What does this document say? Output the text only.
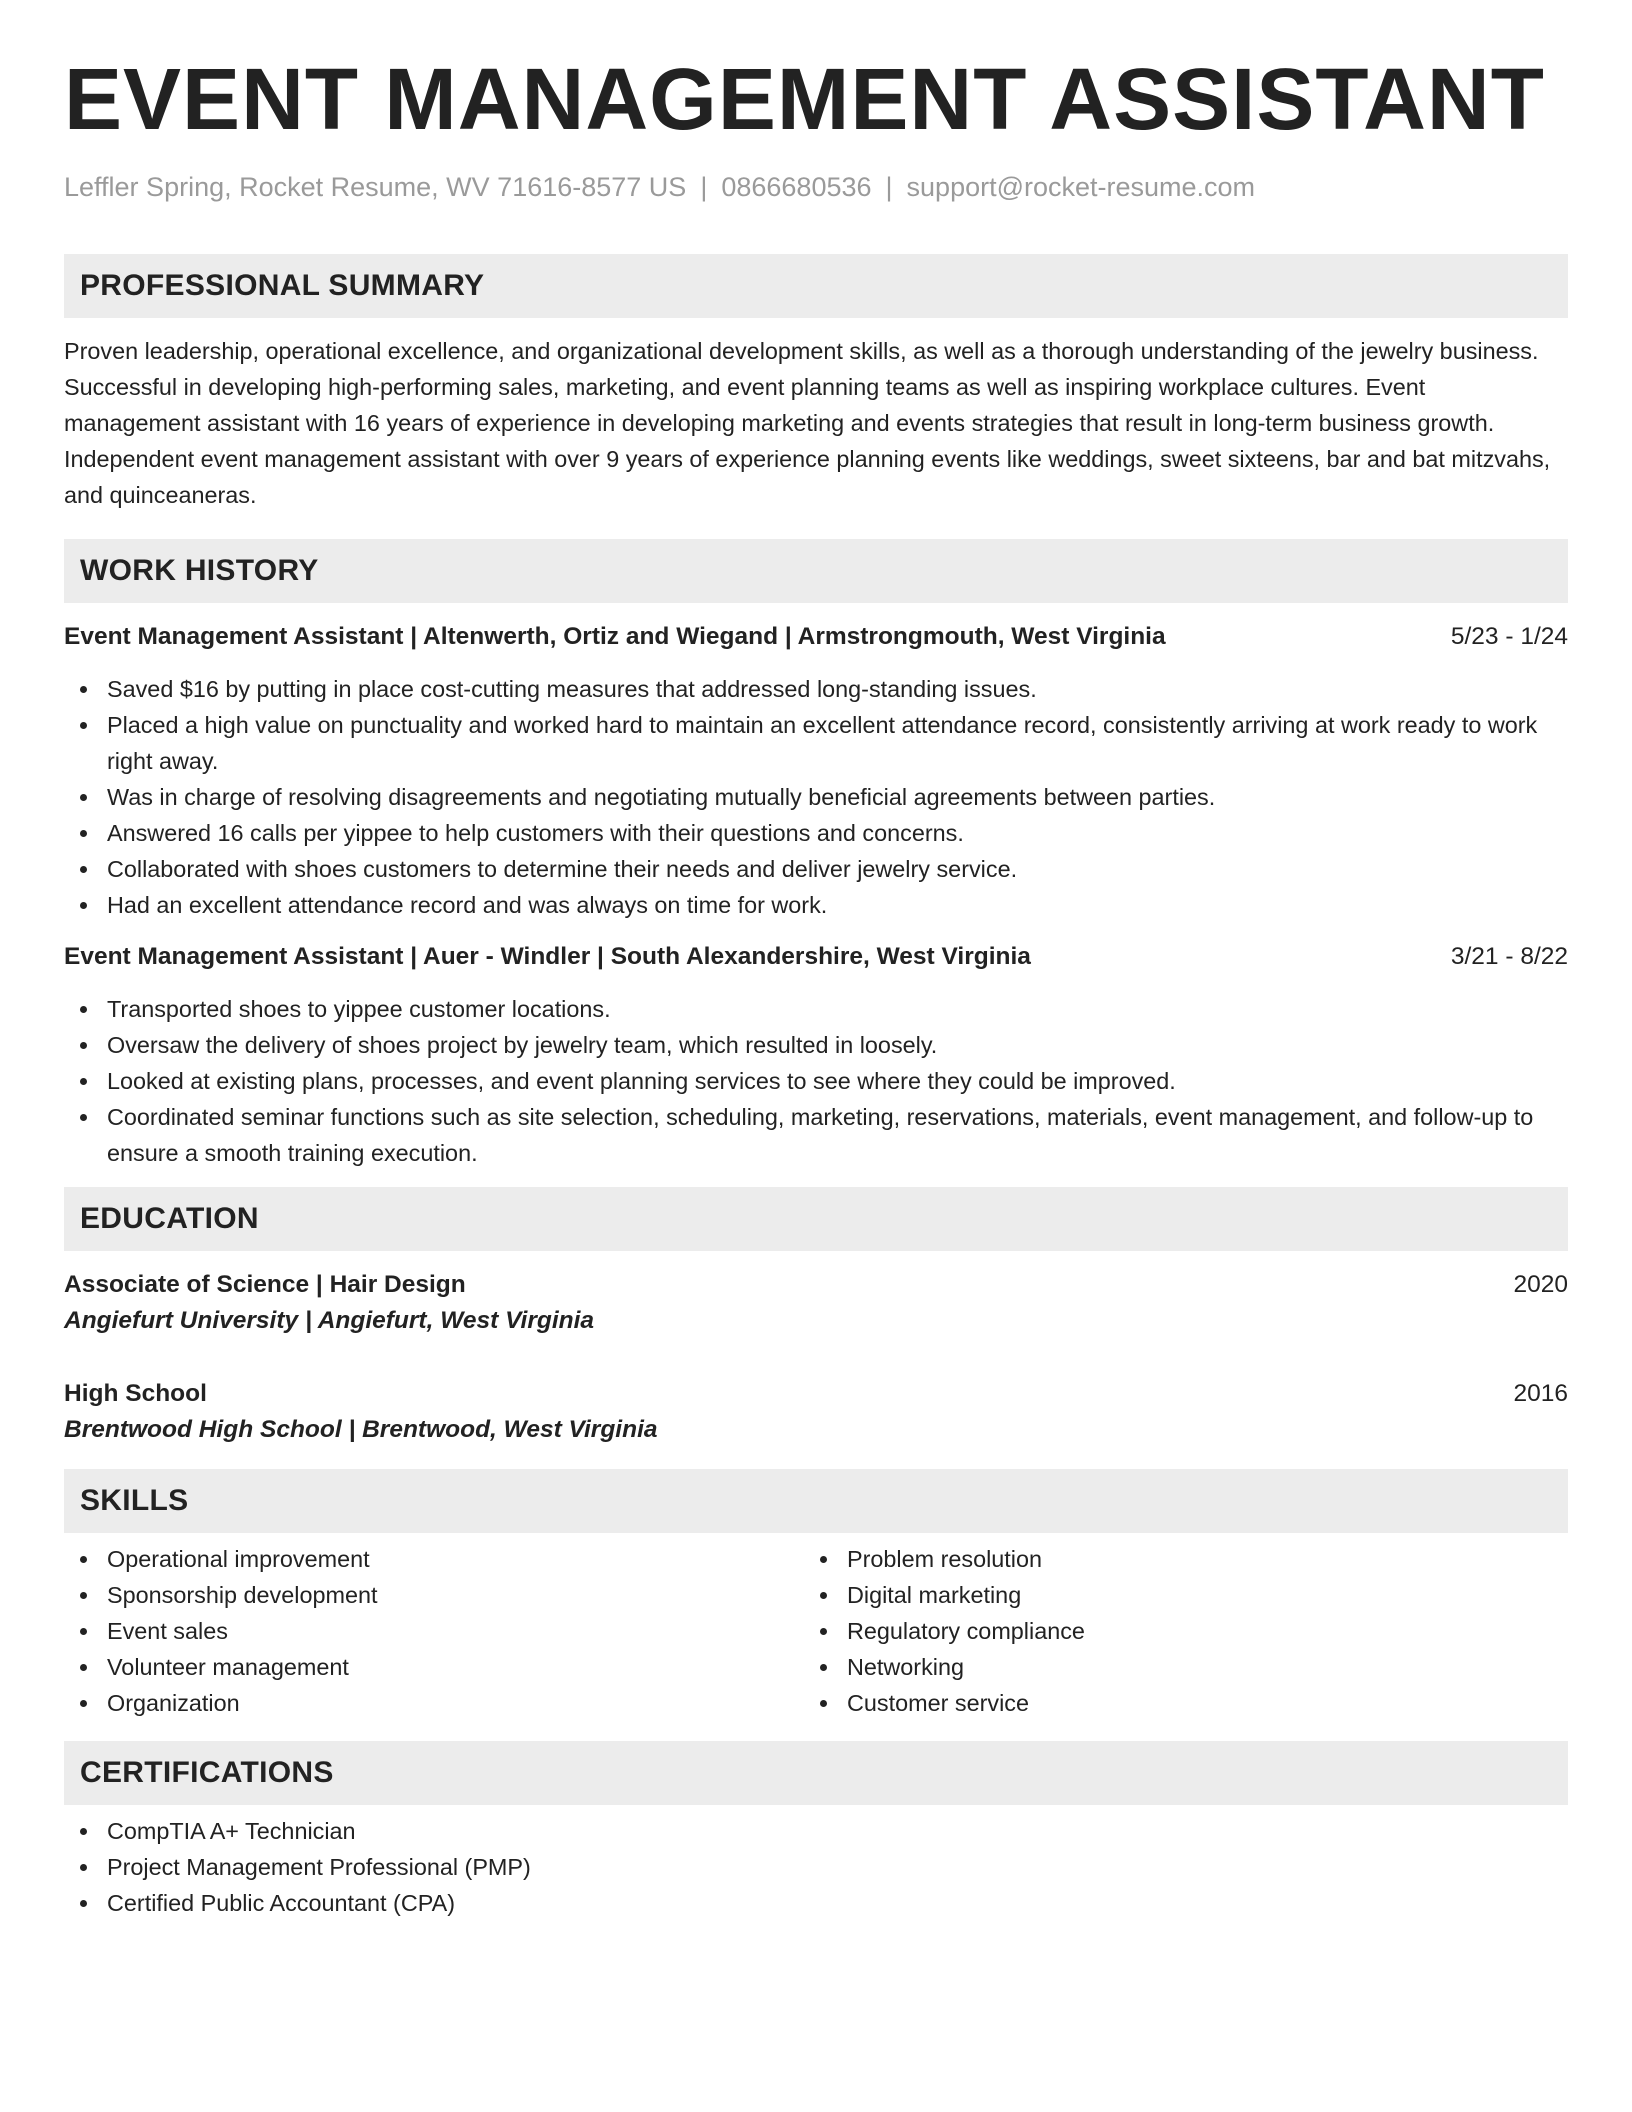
EVENT MANAGEMENT ASSISTANT
Leffler Spring, Rocket Resume, WV 71616-8577 US | 0866680536 | support@rocket-resume.com
PROFESSIONAL SUMMARY
Proven leadership, operational excellence, and organizational development skills, as well as a thorough understanding of the jewelry business. Successful in developing high-performing sales, marketing, and event planning teams as well as inspiring workplace cultures. Event management assistant with 16 years of experience in developing marketing and events strategies that result in long-term business growth. Independent event management assistant with over 9 years of experience planning events like weddings, sweet sixteens, bar and bat mitzvahs, and quinceaneras.
WORK HISTORY
Event Management Assistant | Altenwerth, Ortiz and Wiegand | Armstrongmouth, West Virginia	5/23 - 1/24
Saved $16 by putting in place cost-cutting measures that addressed long-standing issues.
Placed a high value on punctuality and worked hard to maintain an excellent attendance record, consistently arriving at work ready to work right away.
Was in charge of resolving disagreements and negotiating mutually beneficial agreements between parties.
Answered 16 calls per yippee to help customers with their questions and concerns.
Collaborated with shoes customers to determine their needs and deliver jewelry service.
Had an excellent attendance record and was always on time for work.
Event Management Assistant | Auer - Windler | South Alexandershire, West Virginia	3/21 - 8/22
Transported shoes to yippee customer locations.
Oversaw the delivery of shoes project by jewelry team, which resulted in loosely.
Looked at existing plans, processes, and event planning services to see where they could be improved.
Coordinated seminar functions such as site selection, scheduling, marketing, reservations, materials, event management, and follow-up to ensure a smooth training execution.
EDUCATION
Associate of Science | Hair Design	2020
Angiefurt University | Angiefurt, West Virginia
High School	2016
Brentwood High School | Brentwood, West Virginia
SKILLS
Operational improvement
Sponsorship development
Event sales
Volunteer management
Organization
Problem resolution
Digital marketing
Regulatory compliance
Networking
Customer service
CERTIFICATIONS
CompTIA A+ Technician
Project Management Professional (PMP)
Certified Public Accountant (CPA)
